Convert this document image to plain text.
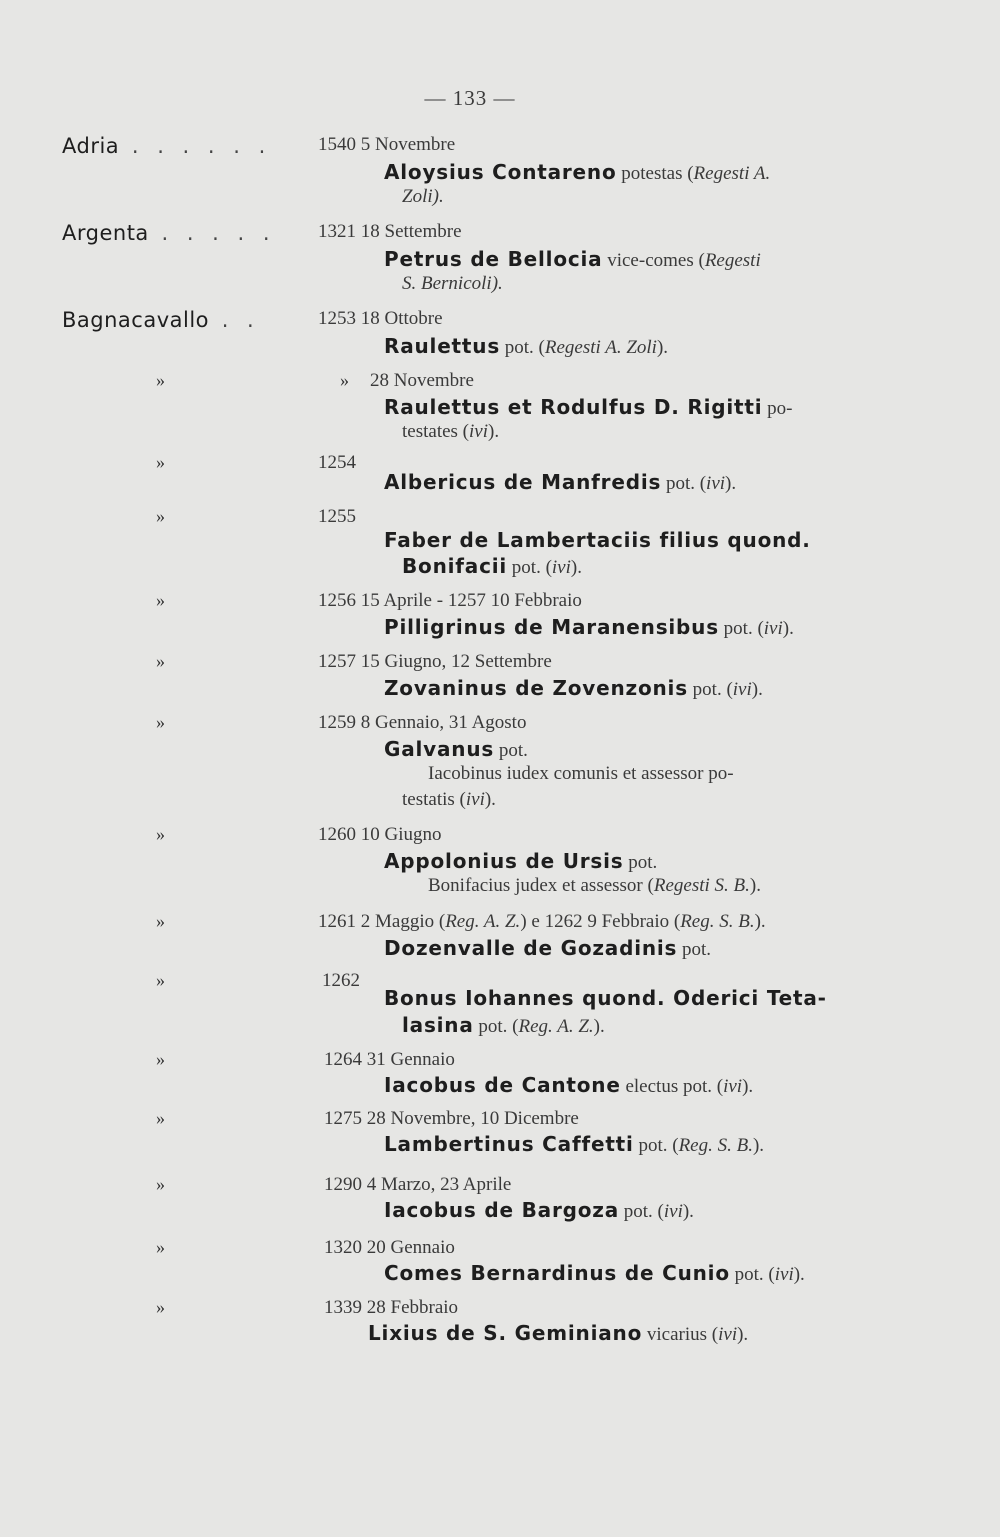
— 133 —
Adria . . . . . . 1540 5 Novembre
Aloysius Contareno potestas (Regesti A.
Zoli).
Argenta . . . . . 1321 18 Settembre
Petrus de Bellocia vice-comes (Regesti
S. Bernicoli).
Bagnacavallo . .	1253 18 Ottobre
Raulettus pot. (Regesti A. Zoli).
»	» 28 Novembre
Raulettus et Rodulfus D. Rigitti po-
testates (ivi).
»	1254
Albericus de Manfredis pot. (ivi).
»	1255
Faber de Lambertaciis filius quond.
Bonifacii pot. (ivi).
»	1256 15 Aprile - 1257 10 Febbraio
Pilligrinus de Maranensibus pot. (ivi).
»	1257 15 Giugno, 12 Settembre
Zovaninus de Zovenzonis pot. (ivi).
»	1259 8 Gennaio, 31 Agosto
Galvanus pot.
Iacobinus iudex comunis et assessor po-
testatis (ivi).
»	1260 10 Giugno
Appolonius de Ursis pot.
Bonifacius judex et assessor (Regesti S. B.).
»	1261 2 Maggio (Reg. A. Z.) e 1262 9 Febbraio (Reg. S. B.).
Dozenvalle de Gozadinis pot.
»	1262
Bonus Iohannes quond. Oderici Teta-
lasina pot. (Reg. A. Z.).
»	1264 31 Gennaio
Iacobus de Cantone electus pot. (ivi).
»	1275 28 Novembre, 10 Dicembre
Lambertinus Caffetti pot. (Reg. S. B.).
»	1290 4 Marzo, 23 Aprile
Iacobus de Bargoza pot. (ivi).
»	1320 20 Gennaio
Comes Bernardinus de Cunio pot. (ivi).
»	1339 28 Febbraio
Lixius de S. Geminiano vicarius (ivi).
